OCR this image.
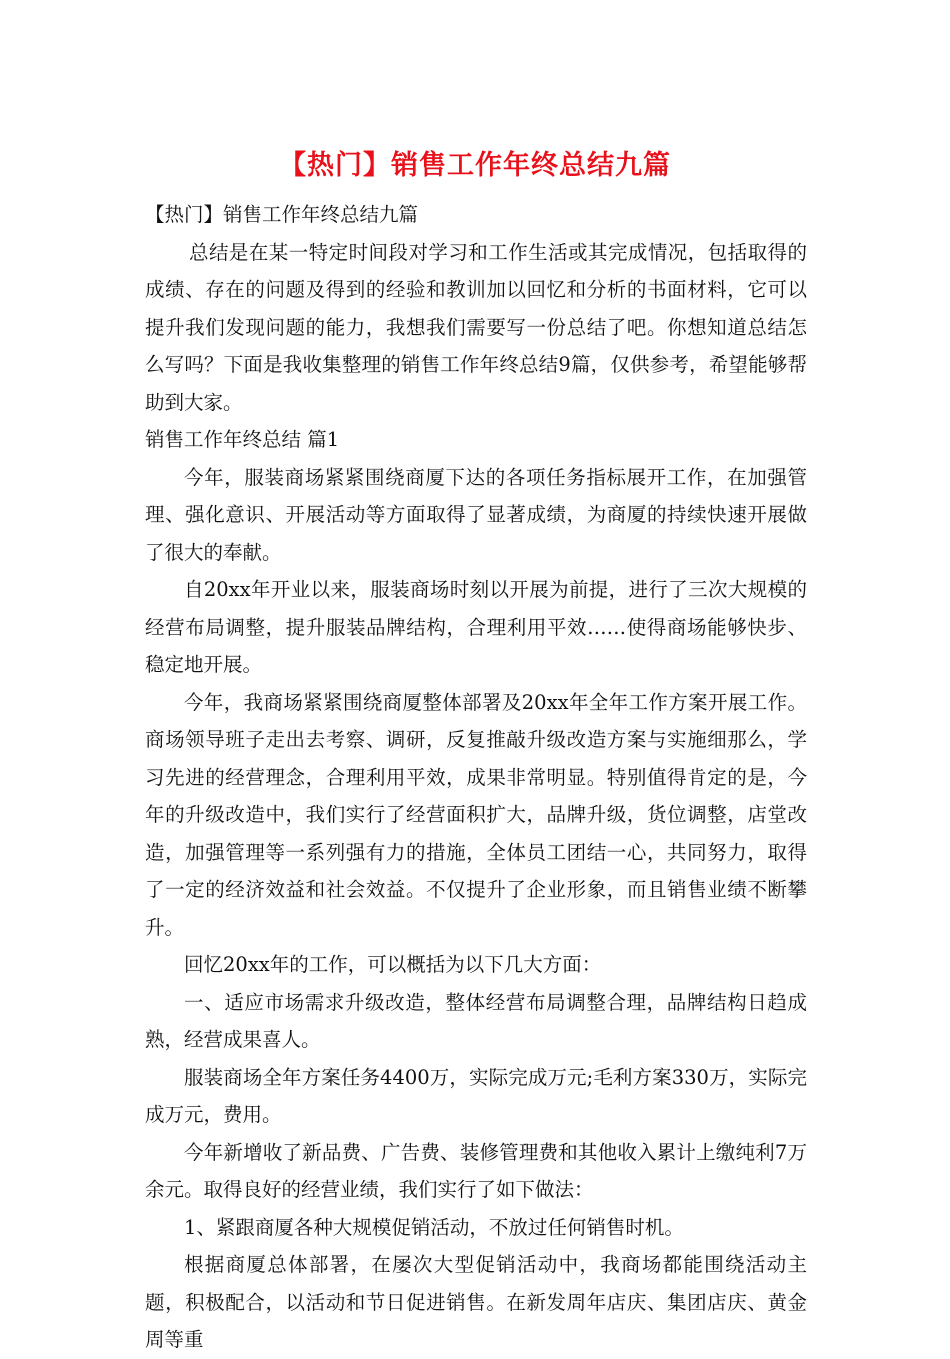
【热门】销售工作年终总结九篇

【热门】销售工作年终总结九篇

总结是在某一特定时间段对学习和工作生活或其完成情况，包括取得的成绩、存在的问题及得到的经验和教训加以回忆和分析的书面材料，它可以提升我们发现问题的能力，我想我们需要写一份总结了吧。你想知道总结怎么写吗？下面是我收集整理的销售工作年终总结9篇，仅供参考，希望能够帮助到大家。

销售工作年终总结 篇1

今年，服装商场紧紧围绕商厦下达的各项任务指标展开工作，在加强管理、强化意识、开展活动等方面取得了显著成绩，为商厦的持续快速开展做了很大的奉献。

自20xx年开业以来，服装商场时刻以开展为前提，进行了三次大规模的经营布局调整，提升服装品牌结构，合理利用平效……使得商场能够快步、稳定地开展。

今年，我商场紧紧围绕商厦整体部署及20xx年全年工作方案开展工作。商场领导班子走出去考察、调研，反复推敲升级改造方案与实施细那么，学习先进的经营理念，合理利用平效，成果非常明显。特别值得肯定的是，今年的升级改造中，我们实行了经营面积扩大，品牌升级，货位调整，店堂改造，加强管理等一系列强有力的措施，全体员工团结一心，共同努力，取得了一定的经济效益和社会效益。不仅提升了企业形象，而且销售业绩不断攀升。

回忆20xx年的工作，可以概括为以下几大方面：

一、适应市场需求升级改造，整体经营布局调整合理，品牌结构日趋成熟，经营成果喜人。

服装商场全年方案任务4400万，实际完成万元;毛利方案330万，实际完成万元，费用。

今年新增收了新品费、广告费、装修管理费和其他收入累计上缴纯利7万余元。取得良好的经营业绩，我们实行了如下做法：

1、紧跟商厦各种大规模促销活动，不放过任何销售时机。

根据商厦总体部署，在屡次大型促销活动中，我商场都能围绕活动主题，积极配合，以活动和节日促进销售。在新发周年店庆、集团店庆、黄金周等重
